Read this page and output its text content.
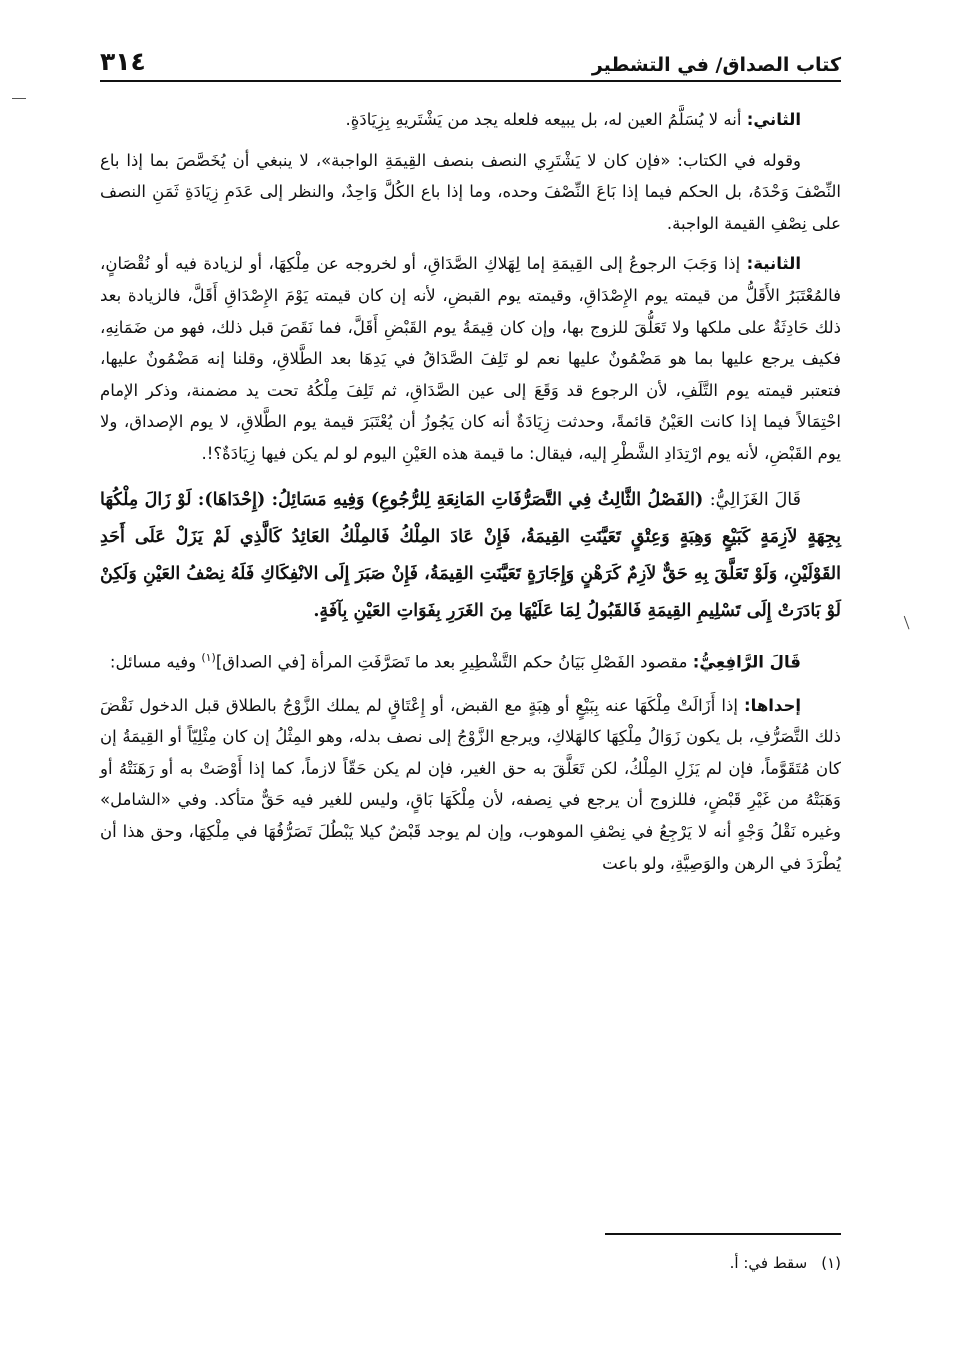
كتاب الصداق/ في التشطير
٣١٤

الثاني: أنه لا يُسَلَّمُ العين له، بل يبيعه فلعله يجد من يَشْتَريهِ بِزِيَادَةٍ.

وقوله في الكتاب: «فإن كان لا يَشْتَرِي النصف بنصف القِيمَةِ الواجبة»، لا ينبغي أن يُخَصَّصَ بما إذا باع النِّصْفَ وَحْدَهُ، بل الحكم فيما إذا بَاعَ النِّصْفَ وحده، وما إذا باع الكُلَّ وَاحِدٌ، والنظر إلى عَدَمِ زِيَادَةِ ثَمَنِ النصف على نِصْفِ القيمة الواجبة.

الثانية: إذا وَجَبَ الرجوعُ إلى القِيمَةِ إما لِهَلاكِ الصَّدَاقِ، أو لخروجه عن مِلْكِهَا، أو لزيادة فيه أو نُقْصَانٍ، فالمُعْتَبَرُ الأَقَلُّ من قيمته يوم الإِصْدَاقِ، وقيمته يوم القبضِ، لأنه إن كان قيمته يَوْمَ الإِصْدَاقِ أَقَلَّ، فالزيادة بعد ذلك حَادِثَةٌ على ملكها ولا تَعَلُّقَ للزوج بها، وإن كان قِيمَةُ يوم القَبْضِ أَقَلَّ، فما نَقَصَ قبل ذلك، فهو من ضَمَانِهِ، فكيف يرجع عليها بما هو مَضْمُونٌ عليها نعم لو تَلِفَ الصَّدَاقُ في يَدِهَا بعد الطَّلاقِ، وقلنا إنه مَضْمُونٌ عليها، فتعتبر قيمته يوم التَّلَفِ، لأن الرجوع قد وَقَعَ إلى عين الصَّدَاقِ، ثم تَلِفَ مِلْكُهُ تحت يد مضمنة، وذكر الإمام احْتِمَالاً فيما إذا كانت العَيْنُ قائمةً، وحدثت زِيَادَةٌ أنه كان يَجُوزُ أن يُعْتَبَرَ قيمة يوم الطَّلاقِ، لا يوم الإصداق، ولا يوم القَبْضِ، لأنه يوم ارْتِدَادِ الشَّطْرِ إليه، فيقال: ما قيمة هذه العَيْنِ اليوم لو لم يكن فيها زِيَادَةٌ؟!.

قَالَ الغَزَالِيُّ: (الفَصْلُ الثَّالِثُ فِي التَّصَرُّفَاتِ المَانِعَةِ لِلرُّجُوعِ) وَفِيهِ مَسَائِلُ: (إِحْدَاهَا): لَوْ زَالَ مِلْكُهَا بِجِهَةٍ لاَزِمَةٍ كَبَيْعٍ وَهِبَةٍ وَعِتْقٍ تَعَيَّنَتِ القِيمَةُ، فَإِنْ عَادَ المِلْكُ فَالمِلْكُ العَائِدُ كَالَّذِي لَمْ يَزَلْ عَلَى أَحَدِ القَوْلَيْنِ، وَلَوْ تَعَلَّقَ بِهِ حَقٌّ لاَزِمٌ كَرَهْنٍ وَإِجَارَةٍ تَعَيَّنَتِ القِيمَةُ، فَإِنْ صَبَرَ إِلَى الانْفِكَاكِ فَلَهُ نِصْفُ العَيْنِ وَلَكِنْ لَوْ بَادَرَتْ إِلَى تَسْلِيمِ القِيمَةِ فَالقَبُولُ لِمَا عَلَيْهَا مِنَ الغَرَرِ بِفَوَاتِ العَيْنِ بِآفَةٍ.

قَالَ الرَّافِعِيُّ: مقصود الفَصْلِ بَيَانُ حكم التَّشْطِيرِ بعد ما تَصَرَّفَتِ المرأة [في الصداق]$^{(١)}$ وفيه مسائل:

إحداها: إذا أَزَالَتْ مِلْكَهَا عنه بِبَيْعٍ أو هِبَةٍ مع القبض، أو إِعْتَاقٍ لم يملك الزَّوْجُ بالطلاق قبل الدخول نَقْضَ ذلك التَّصَرُّفِ، بل يكون زَوَالُ مِلْكِهَا كالهَلاكِ، ويرجع الزَّوْجُ إلى نصف بدله، وهو المِثْلُ إن كان مِثْلِيّاً أو القِيمَةُ إن كان مُتَقَوَّماً، فإن لم يَزَلِ المِلْكُ، لكن تَعَلَّقَ به حق الغير، فإن لم يكن حَقّاً لازماً، كما إذا أَوْصَتْ به أو رَهَنَتْهُ أو وَهَبَتْهُ من غَيْرِ قَبْضٍ، فللزوج أن يرجع في نِصفه، لأن مِلْكَهَا بَاقٍ، وليس للغير فيه حَقٌّ متأكد. وفي «الشامل» وغيره نَقْلُ وَجْهٍ أنه لا يَرْجِعُ في نِصْفِ الموهوب، وإن لم يوجد قَبْضٌ كيلا يَبْطُلَ تَصَرُّفُهَا في مِلْكِهَا، وحق هذا أن يُطْرَدَ في الرهن والوَصِيَّةِ، ولو باعت

(١)
سقط في: أ.
